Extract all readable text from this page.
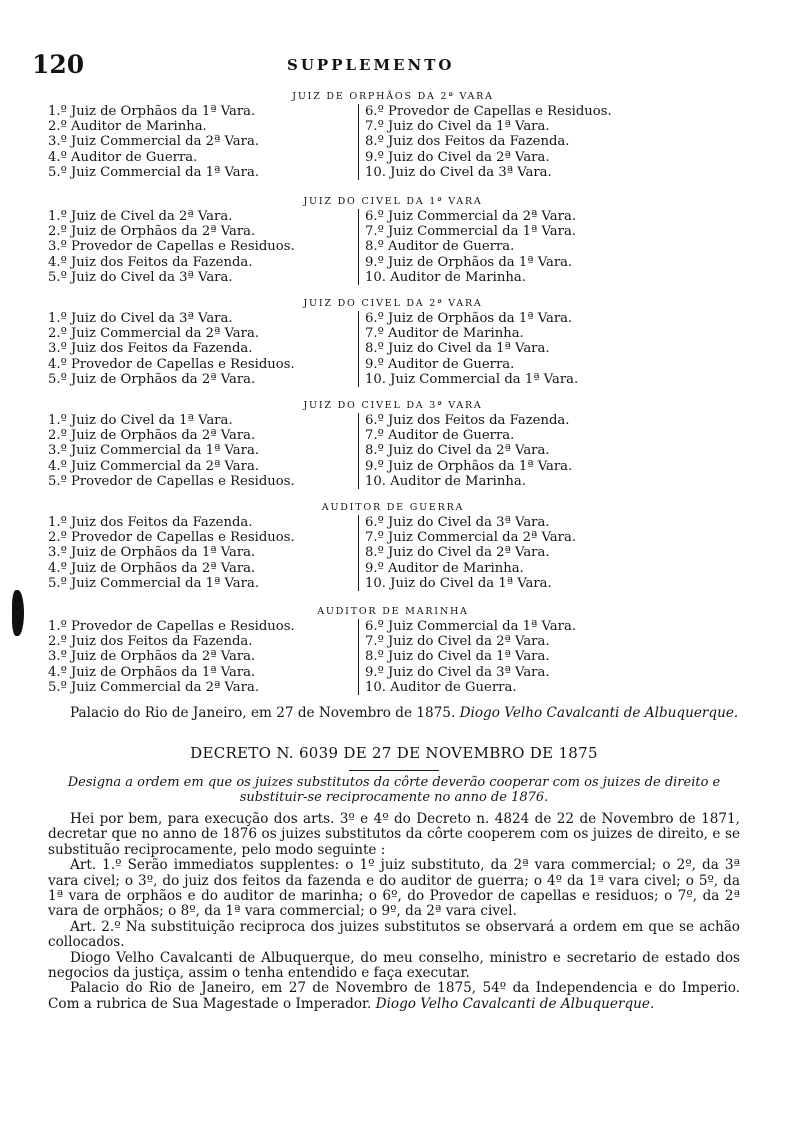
120	SUPPLEMENTO
JUIZ DE ORPHÃOS DA 2ª VARA
1.º Juiz de Orphãos da 1ª Vara.
2.º Auditor de Marinha.
3.º Juiz Commercial da 2ª Vara.
4.º Auditor de Guerra.
5.º Juiz Commercial da 1ª Vara.
6.º Provedor de Capellas e Residuos.
7.º Juiz do Civel da 1ª Vara.
8.º Juiz dos Feitos da Fazenda.
9.º Juiz do Civel da 2ª Vara.
10. Juiz do Civel da 3ª Vara.
JUIZ DO CIVEL DA 1ª VARA
1.º Juiz de Civel da 2ª Vara.
2.º Juiz de Orphãos da 2ª Vara.
3.º Provedor de Capellas e Residuos.
4.º Juiz dos Feitos da Fazenda.
5.º Juiz do Civel da 3ª Vara.
6.º Juiz Commercial da 2ª Vara.
7.º Juiz Commercial da 1ª Vara.
8.º Auditor de Guerra.
9.º Juiz de Orphãos da 1ª Vara.
10. Auditor de Marinha.
JUIZ DO CIVEL DA 2ª VARA
1.º Juiz do Civel da 3ª Vara.
2.º Juiz Commercial da 2ª Vara.
3.º Juiz dos Feitos da Fazenda.
4.º Provedor de Capellas e Residuos.
5.º Juiz de Orphãos da 2ª Vara.
6.º Juiz de Orphãos da 1ª Vara.
7.º Auditor de Marinha.
8.º Juiz do Civel da 1ª Vara.
9.º Auditor de Guerra.
10. Juiz Commercial da 1ª Vara.
JUIZ DO CIVEL DA 3ª VARA
1.º Juiz do Civel da 1ª Vara.
2.º Juiz de Orphãos da 2ª Vara.
3.º Juiz Commercial da 1ª Vara.
4.º Juiz Commercial da 2ª Vara.
5.º Provedor de Capellas e Residuos.
6.º Juiz dos Feitos da Fazenda.
7.º Auditor de Guerra.
8.º Juiz do Civel da 2ª Vara.
9.º Juiz de Orphãos da 1ª Vara.
10. Auditor de Marinha.
AUDITOR DE GUERRA
1.º Juiz dos Feitos da Fazenda.
2.º Provedor de Capellas e Residuos.
3.º Juiz de Orphãos da 1ª Vara.
4.º Juiz de Orphãos da 2ª Vara.
5.º Juiz Commercial da 1ª Vara.
6.º Juiz do Civel da 3ª Vara.
7.º Juiz Commercial da 2ª Vara.
8.º Juiz do Civel da 2ª Vara.
9.º Auditor de Marinha.
10. Juiz do Civel da 1ª Vara.
AUDITOR DE MARINHA
1.º Provedor de Capellas e Residuos.
2.º Juiz dos Feitos da Fazenda.
3.º Juiz de Orphãos da 2ª Vara.
4.º Juiz de Orphãos da 1ª Vara.
5.º Juiz Commercial da 2ª Vara.
6.º Juiz Commercial da 1ª Vara.
7.º Juiz do Civel da 2ª Vara.
8.º Juiz do Civel da 1ª Vara.
9.º Juiz do Civel da 3ª Vara.
10. Auditor de Guerra.

Palacio do Rio de Janeiro, em 27 de Novembro de 1875. Diogo Velho Cavalcanti de Albuquerque.

DECRETO N. 6039 DE 27 DE NOVEMBRO DE 1875
Designa a ordem em que os juizes substitutos da côrte deverão cooperar com os juizes de direito e substituir-se reciprocamente no anno de 1876.

Hei por bem, para execução dos arts. 3º e 4º do Decreto n. 4824 de 22 de Novembro de 1871, decretar que no anno de 1876 os juizes substitutos da côrte cooperem com os juizes de direito, e se substituão reciprocamente, pelo modo seguinte :

Art. 1.º Serão immediatos supplentes: o 1º juiz substituto, da 2ª vara commercial; o 2º, da 3ª vara civel; o 3º, do juiz dos feitos da fazenda e do auditor de guerra; o 4º da 1ª vara civel; o 5º, da 1ª vara de orphãos e do auditor de marinha; o 6º, do Provedor de capellas e residuos; o 7º, da 2ª vara de orphãos; o 8º, da 1ª vara commercial; o 9º, da 2ª vara civel.

Art. 2.º Na substituição reciproca dos juizes substitutos se observará a ordem em que se achão collocados.

Diogo Velho Cavalcanti de Albuquerque, do meu conselho, ministro e secretario de estado dos negocios da justiça, assim o tenha entendido e faça executar.

Palacio do Rio de Janeiro, em 27 de Novembro de 1875, 54º da Independencia e do Imperio. Com a rubrica de Sua Magestade o Imperador. Diogo Velho Cavalcanti de Albuquerque.
